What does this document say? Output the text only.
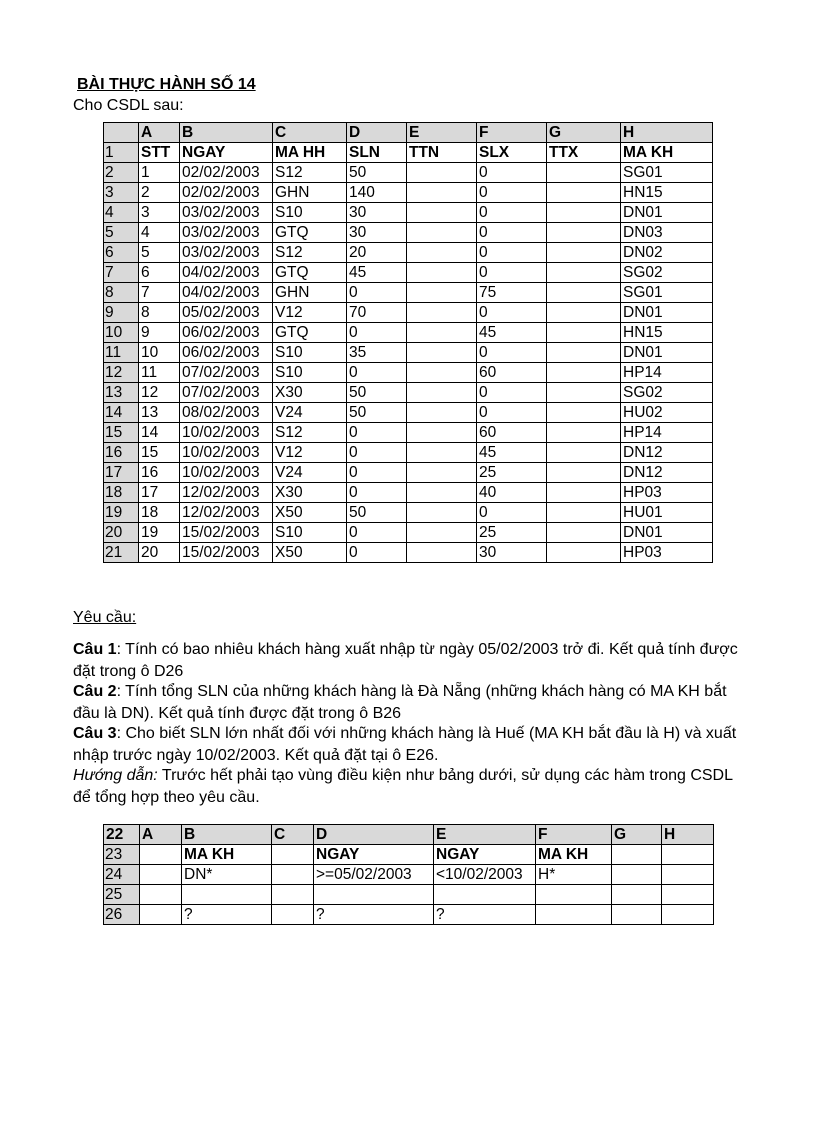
BÀI THỰC HÀNH SỐ 14
Cho CSDL sau:
	A	B	C	D	E	F	G	H
1	STT	NGAY	MA HH	SLN	TTN	SLX	TTX	MA KH
2	1	02/02/2003	S12	50		0		SG01
3	2	02/02/2003	GHN	140		0		HN15
4	3	03/02/2003	S10	30		0		DN01
5	4	03/02/2003	GTQ	30		0		DN03
6	5	03/02/2003	S12	20		0		DN02
7	6	04/02/2003	GTQ	45		0		SG02
8	7	04/02/2003	GHN	0		75		SG01
9	8	05/02/2003	V12	70		0		DN01
10	9	06/02/2003	GTQ	0		45		HN15
11	10	06/02/2003	S10	35		0		DN01
12	11	07/02/2003	S10	0		60		HP14
13	12	07/02/2003	X30	50		0		SG02
14	13	08/02/2003	V24	50		0		HU02
15	14	10/02/2003	S12	0		60		HP14
16	15	10/02/2003	V12	0		45		DN12
17	16	10/02/2003	V24	0		25		DN12
18	17	12/02/2003	X30	0		40		HP03
19	18	12/02/2003	X50	50		0		HU01
20	19	15/02/2003	S10	0		25		DN01
21	20	15/02/2003	X50	0		30		HP03
Yêu cầu:
Câu 1: Tính có bao nhiêu khách hàng xuất nhập từ ngày 05/02/2003 trở đi. Kết quả tính được đặt trong ô D26
Câu 2: Tính tổng SLN của những khách hàng là Đà Nẵng (những khách hàng có MA KH bắt đầu là DN). Kết quả tính được đặt trong ô B26
Câu 3: Cho biết SLN lớn nhất đối với những khách hàng là Huế (MA KH bắt đầu là H) và xuất nhập trước ngày 10/02/2003. Kết quả đặt tại ô E26.
Hướng dẫn: Trước hết phải tạo vùng điều kiện như bảng dưới, sử dụng các hàm trong CSDL để tổng hợp theo yêu cầu.
22	A	B	C	D	E	F	G	H
23		MA KH		NGAY	NGAY	MA KH		
24		DN*		>=05/02/2003	<10/02/2003	H*		
25								
26		?		?	?			
